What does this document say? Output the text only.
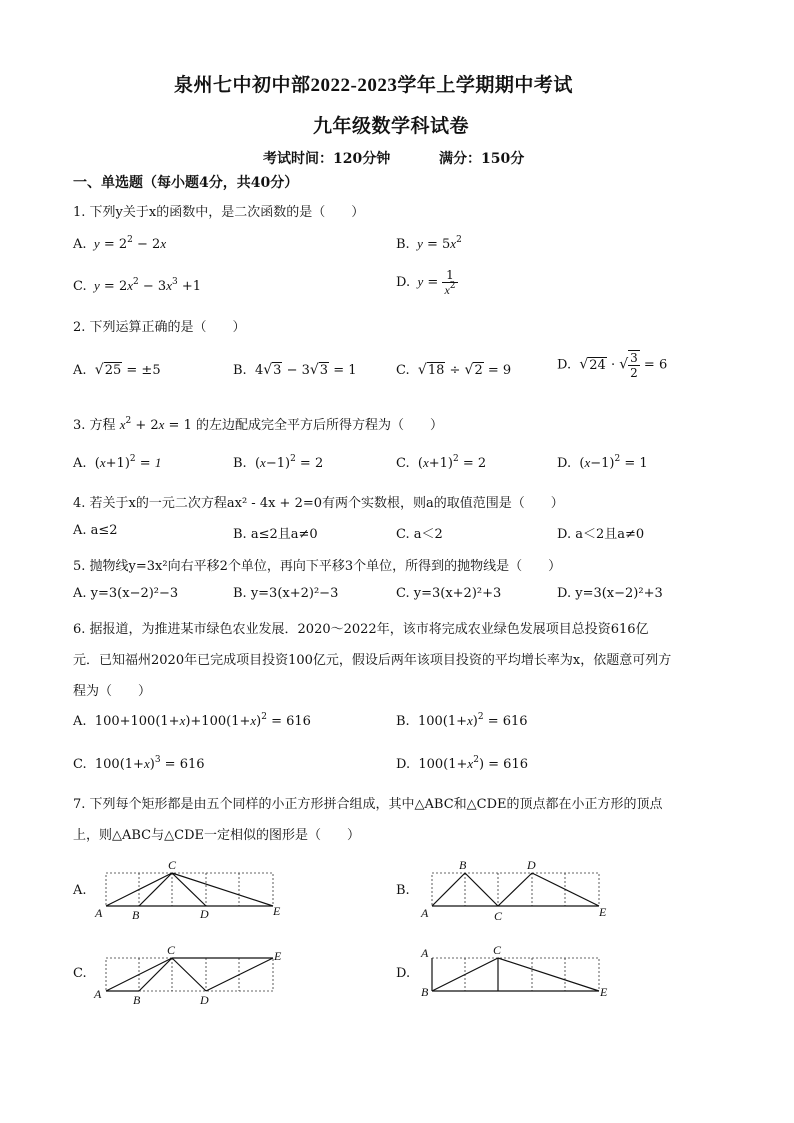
泉州七中初中部2022-2023学年上学期期中考试
九年级数学科试卷
考试时间：120分钟	满分：150分
一、单选题（每小题4分，共40分）
1. 下列y关于x的函数中，是二次函数的是（　　）
A.  $y = 2^2 - 2x$	B.  $y = 5x^2$
C.  $y = 2x^2 - 3x^3 +1$	D.  $y = \frac{1}{x^2}$
2. 下列运算正确的是（　　）
A. √25 = ±5	B.  4√3 − 3√3 = 1	C. √18 ÷ √2 = 9	D. √24 · √ $\frac{3}{2} = 6$
3. 方程 $x^2 + 2x = 1$ 的左边配成完全平方后所得方程为（　　）
A.  $(x+1)^2 = 1$	B.  $(x-1)^2 = 2$	C.  $(x+1)^2 = 2$	D.  $(x-1)^2 = 1$
4. 若关于x的一元二次方程ax² - 4x + 2=0有两个实数根，则a的取值范围是（　　）
A. a≤2	B. a≤2且a≠0	C. a＜2	D. a＜2且a≠0
5. 抛物线y=3x²向右平移2个单位，再向下平移3个单位，所得到的抛物线是（　　）
A. y=3(x−2)²−3	B. y=3(x+2)²−3	C. y=3(x+2)²+3	D. y=3(x−2)²+3
6. 据报道，为推进某市绿色农业发展．2020～2022年，该市将完成农业绿色发展项目总投资616亿
元．已知福州2020年已完成项目投资100亿元，假设后两年该项目投资的平均增长率为x，依题意可列方
程为（　　）
A.  $100+100(1+x)+100(1+x)^2 = 616$	B.  $100(1+x)^2 = 616$
C.  $100(1+x)^3 = 616$	D.  $100(1+x^2) = 616$
7. 下列每个矩形都是由五个同样的小正方形拼合组成，其中△ABC和△CDE的顶点都在小正方形的顶点
上，则△ABC与△CDE一定相似的图形是（　　）
A.	B.
C.	D.
A B
C
D	E	A
B
C
D
E
A	B
C
D
E	A
B
C
E
